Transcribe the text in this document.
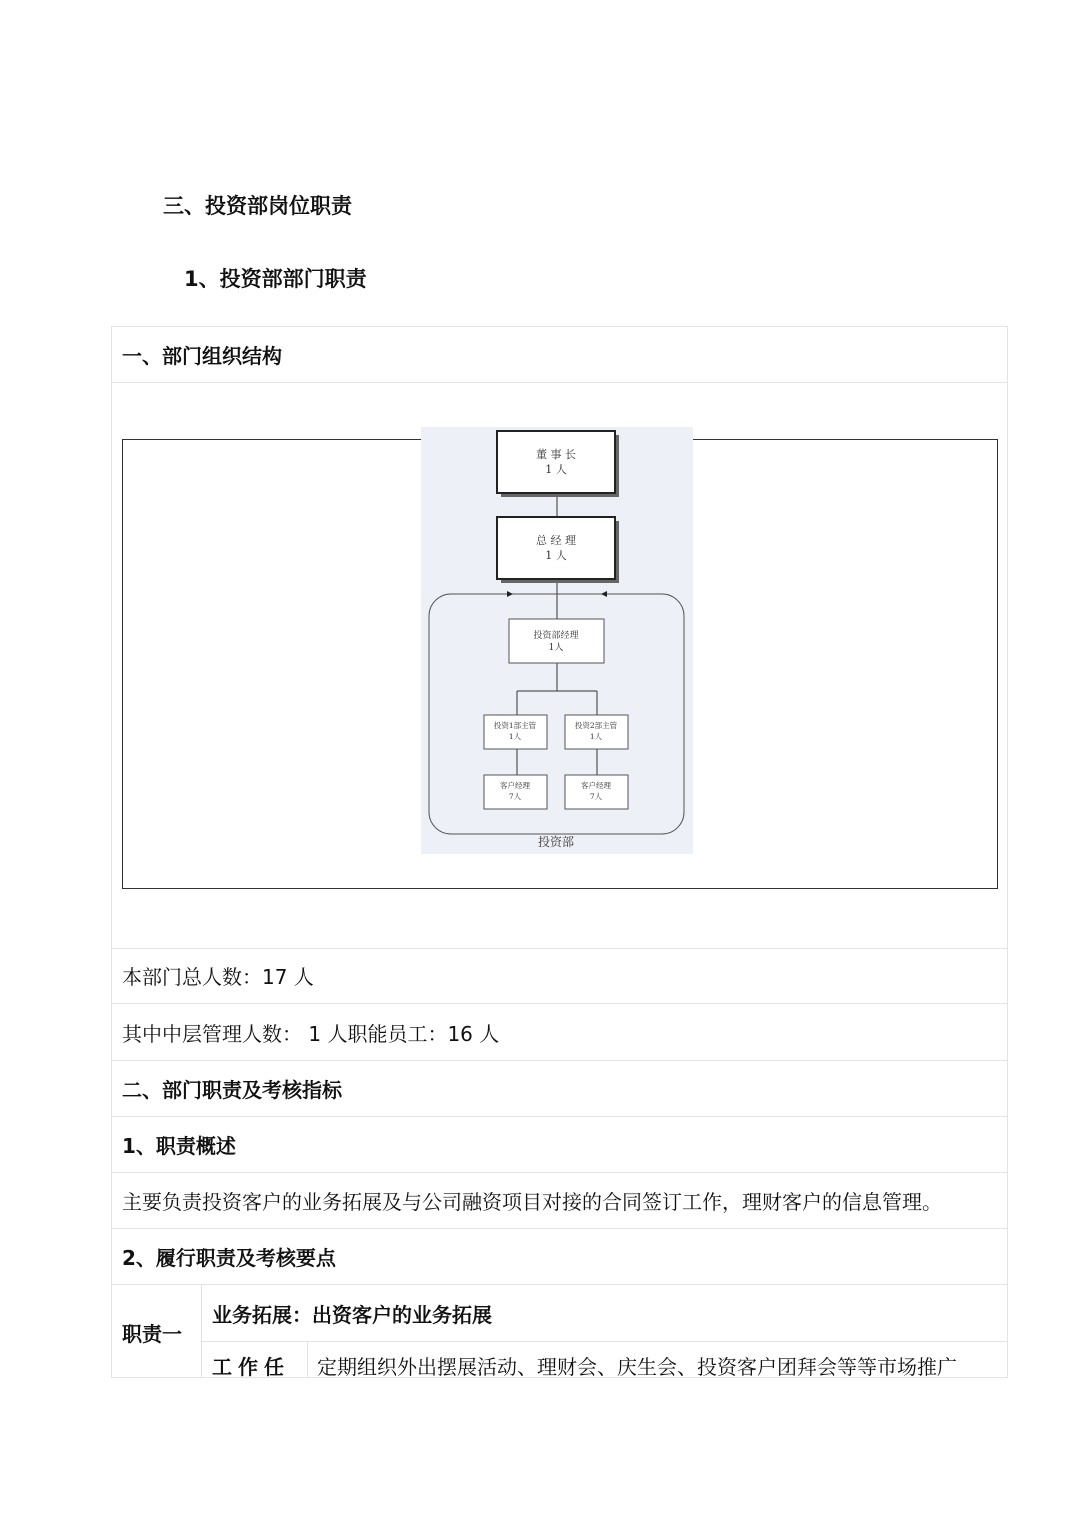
三、投资部岗位职责
1、投资部部门职责
一、部门组织结构
董 事 长
1 人
总 经 理
1 人
投资部经理
1人
投资1部主管
1人
投资2部主管
1人
客户经理
7人
客户经理
7人
投资部
本部门总人数：17 人
其中中层管理人数： 1 人职能员工：16 人
二、部门职责及考核指标
1、职责概述
主要负责投资客户的业务拓展及与公司融资项目对接的合同签订工作，理财客户的信息管理。
2、履行职责及考核要点
职责一
业务拓展：出资客户的业务拓展
工作任	定期组织外出摆展活动、理财会、庆生会、投资客户团拜会等等市场推广
